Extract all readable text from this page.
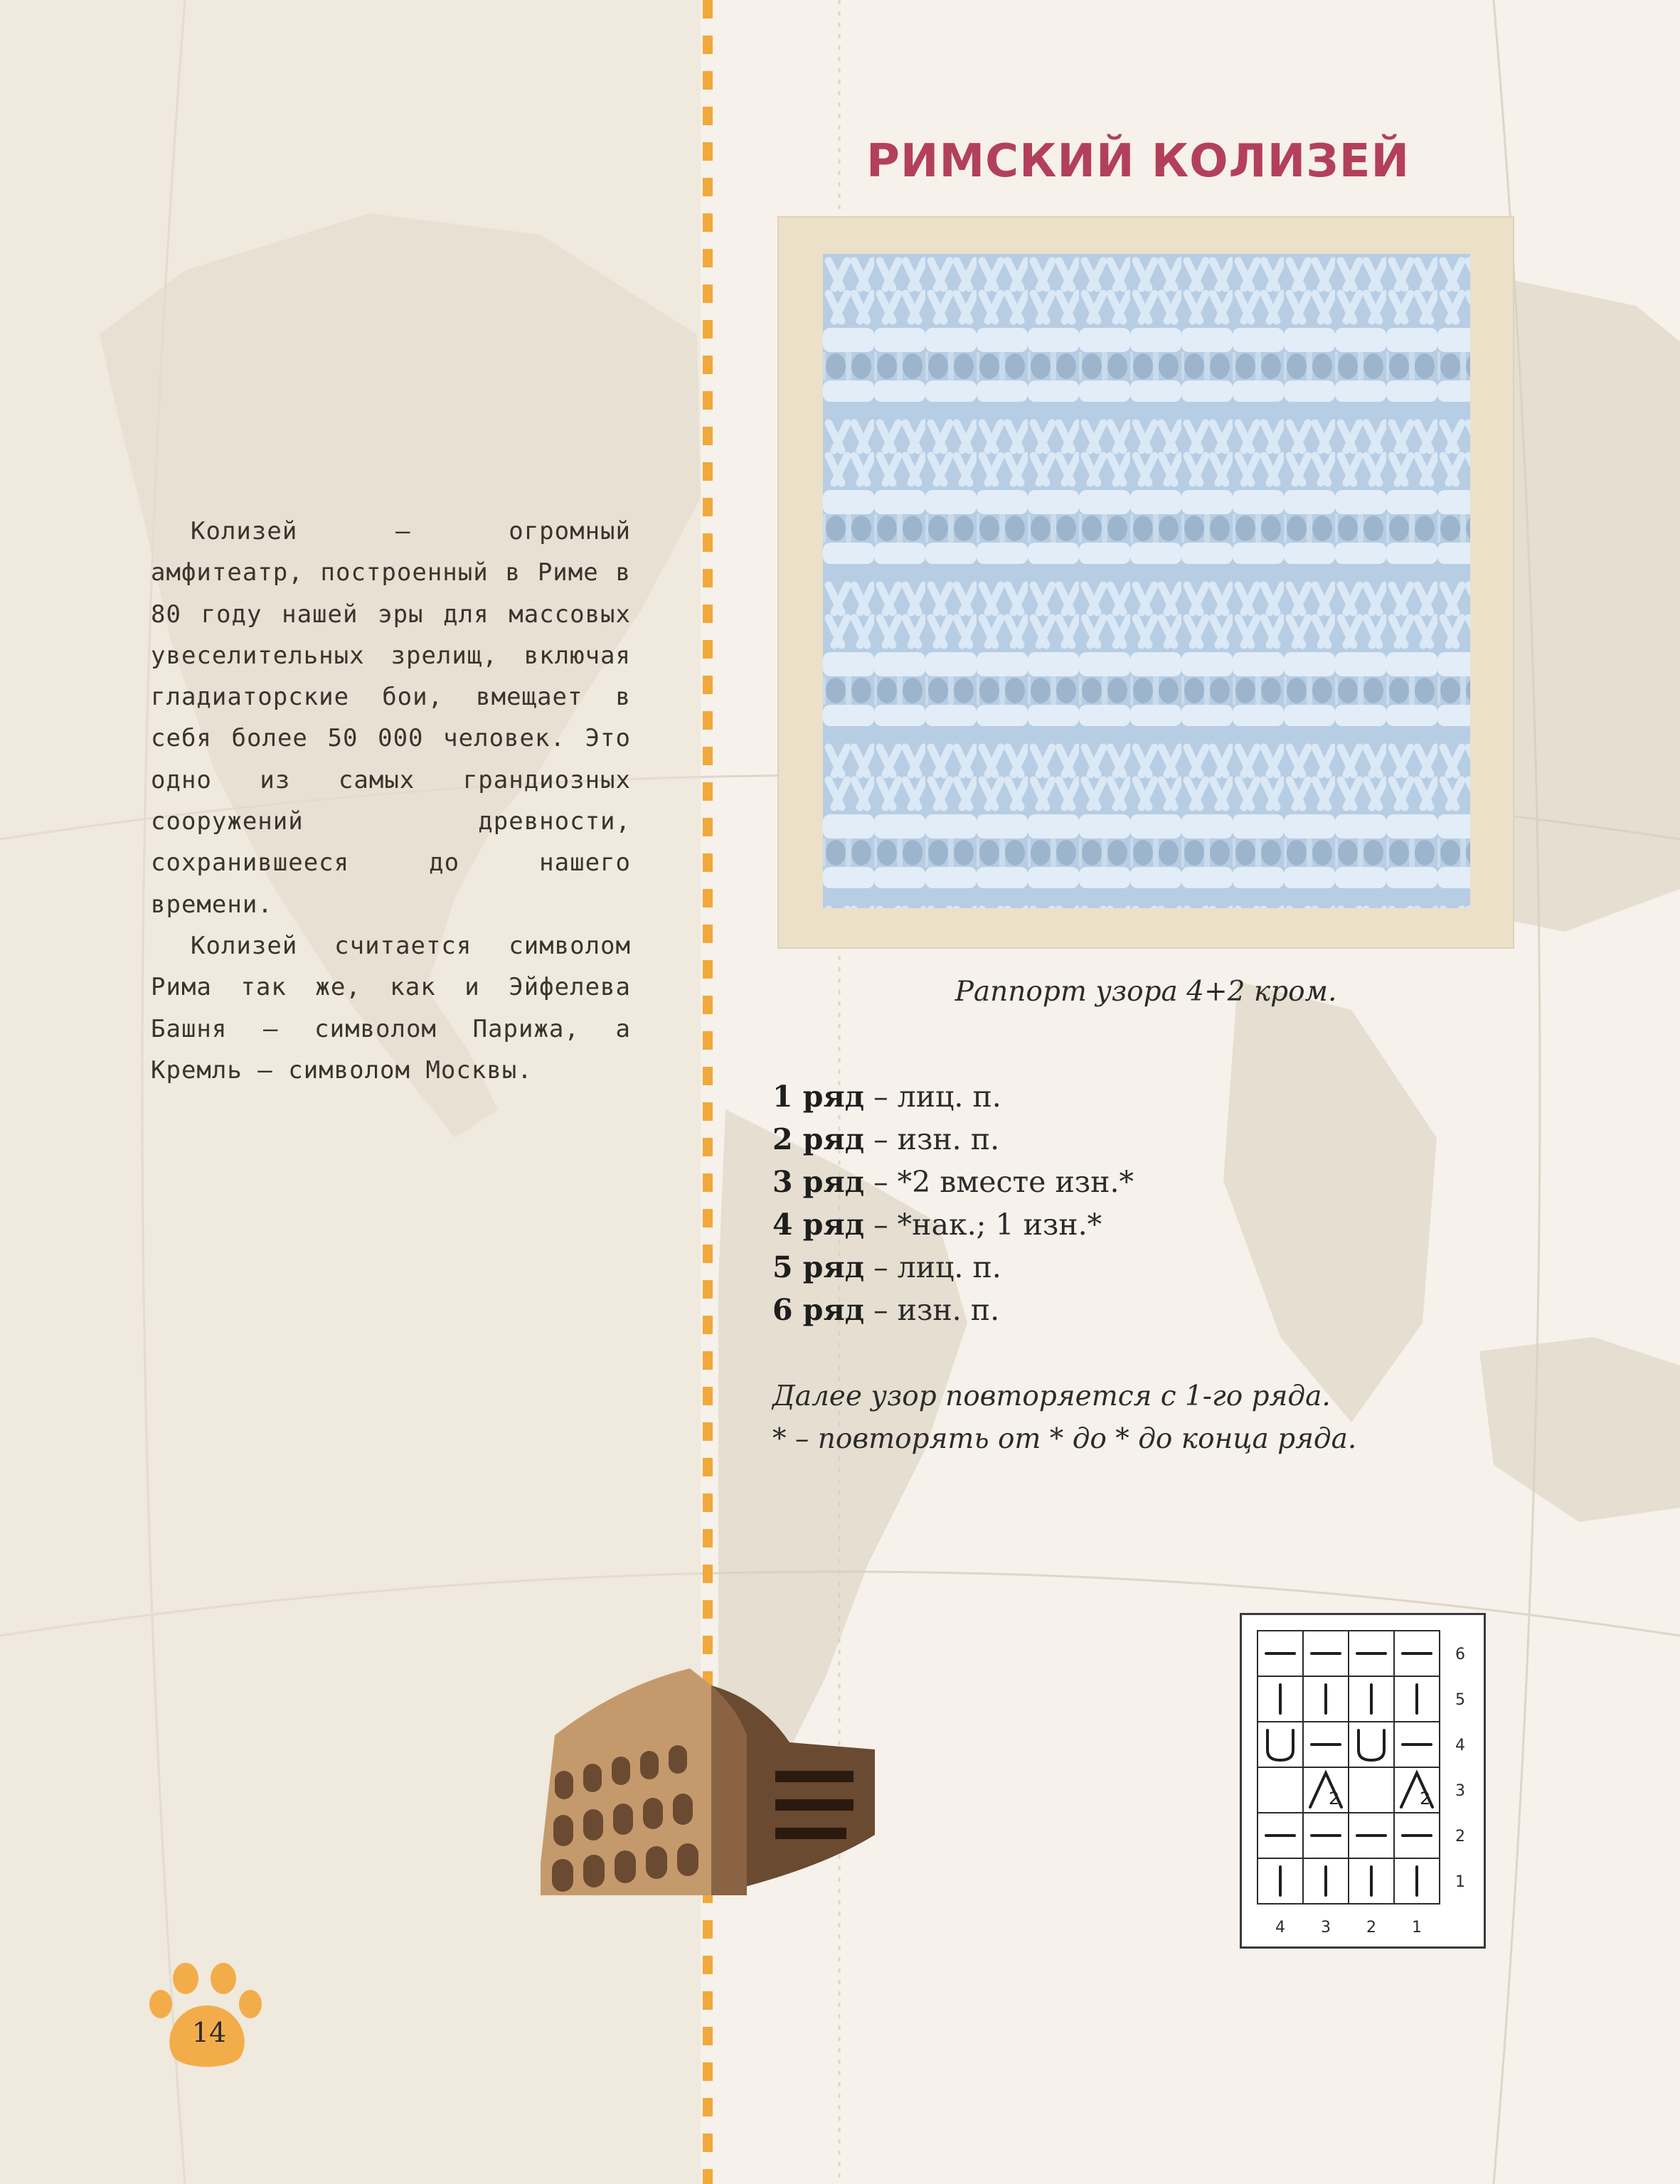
Колизей – огромный амфитеатр, построенный в Риме в 80 году нашей эры для массовых увеселительных зрелищ, включая гладиаторские бои, вмещает в себя более 50 000 человек. Это одно из самых грандиозных сооружений древности, сохранившееся до нашего времени.

Колизей считается символом Рима так же, как и Эйфелева Башня – символом Парижа, а Кремль – символом Москвы.

РИМСКИЙ КОЛИЗЕЙ
Раппорт узора 4+2 кром.
1 ряд – лиц. п.
2 ряд – изн. п.
3 ряд – *2 вместе изн.*
4 ряд – *нак.; 1 изн.*
5 ряд – лиц. п.
6 ряд – изн. п.
Далее узор повторяется с 1-го ряда.
* – повторять от * до * до конца ряда.
2	2
6
5
4
3
2
1
4 3 2 1
14
